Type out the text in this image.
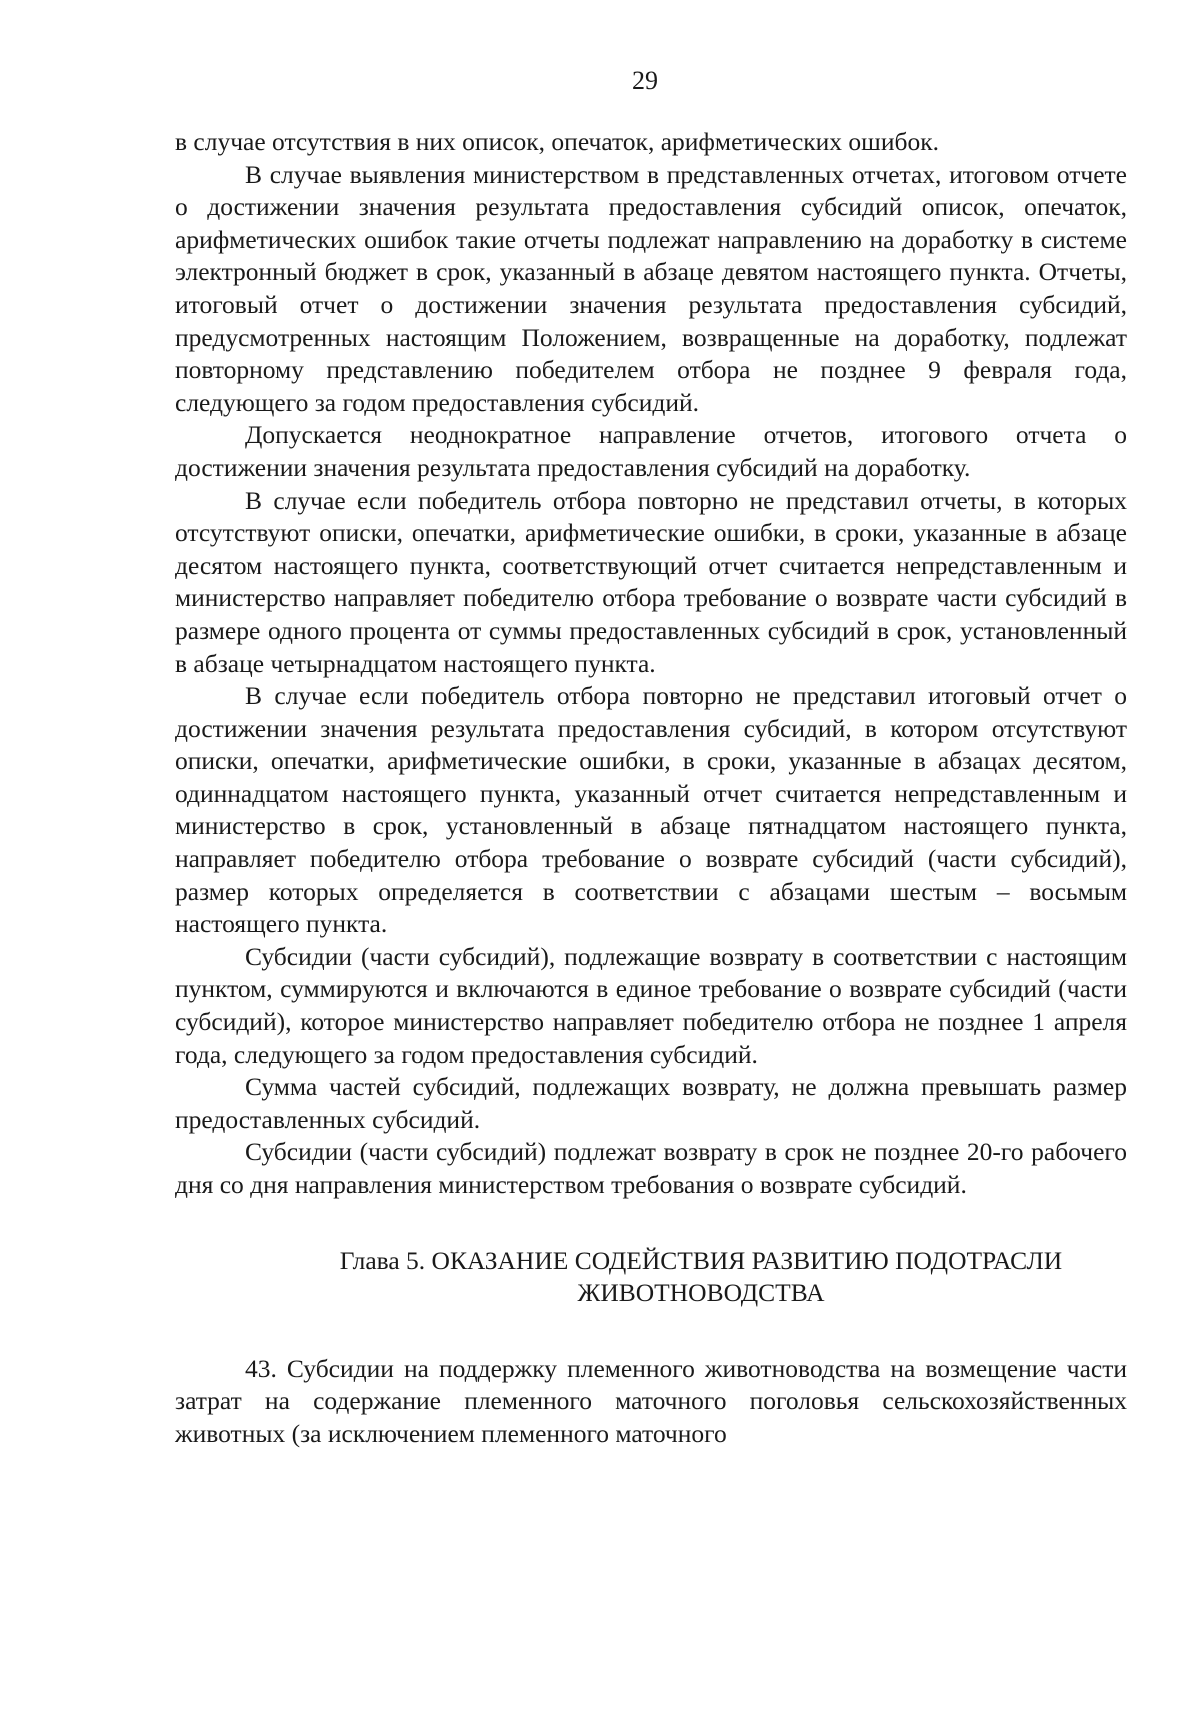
29

в случае отсутствия в них описок, опечаток, арифметических ошибок.

В случае выявления министерством в представленных отчетах, итоговом отчете о достижении значения результата предоставления субсидий описок, опечаток, арифметических ошибок такие отчеты подлежат направлению на доработку в системе электронный бюджет в срок, указанный в абзаце девятом настоящего пункта. Отчеты, итоговый отчет о достижении значения результата предоставления субсидий, предусмотренных настоящим Положением, возвращенные на доработку, подлежат повторному представлению победителем отбора не позднее 9 февраля года, следующего за годом предоставления субсидий.

Допускается неоднократное направление отчетов, итогового отчета о достижении значения результата предоставления субсидий на доработку.

В случае если победитель отбора повторно не представил отчеты, в которых отсутствуют описки, опечатки, арифметические ошибки, в сроки, указанные в абзаце десятом настоящего пункта, соответствующий отчет считается непредставленным и министерство направляет победителю отбора требование о возврате части субсидий в размере одного процента от суммы предоставленных субсидий в срок, установленный в абзаце четырнадцатом настоящего пункта.

В случае если победитель отбора повторно не представил итоговый отчет о достижении значения результата предоставления субсидий, в котором отсутствуют описки, опечатки, арифметические ошибки, в сроки, указанные в абзацах десятом, одиннадцатом настоящего пункта, указанный отчет считается непредставленным и министерство в срок, установленный в абзаце пятнадцатом настоящего пункта, направляет победителю отбора требование о возврате субсидий (части субсидий), размер которых определяется в соответствии с абзацами шестым – восьмым настоящего пункта.

Субсидии (части субсидий), подлежащие возврату в соответствии с настоящим пунктом, суммируются и включаются в единое требование о возврате субсидий (части субсидий), которое министерство направляет победителю отбора не позднее 1 апреля года, следующего за годом предоставления субсидий.

Сумма частей субсидий, подлежащих возврату, не должна превышать размер предоставленных субсидий.

Субсидии (части субсидий) подлежат возврату в срок не позднее 20-го рабочего дня со дня направления министерством требования о возврате субсидий.

Глава 5. ОКАЗАНИЕ СОДЕЙСТВИЯ РАЗВИТИЮ ПОДОТРАСЛИ
ЖИВОТНОВОДСТВА

43. Субсидии на поддержку племенного животноводства на возмещение части затрат на содержание племенного маточного поголовья сельскохозяйственных животных (за исключением племенного маточного
